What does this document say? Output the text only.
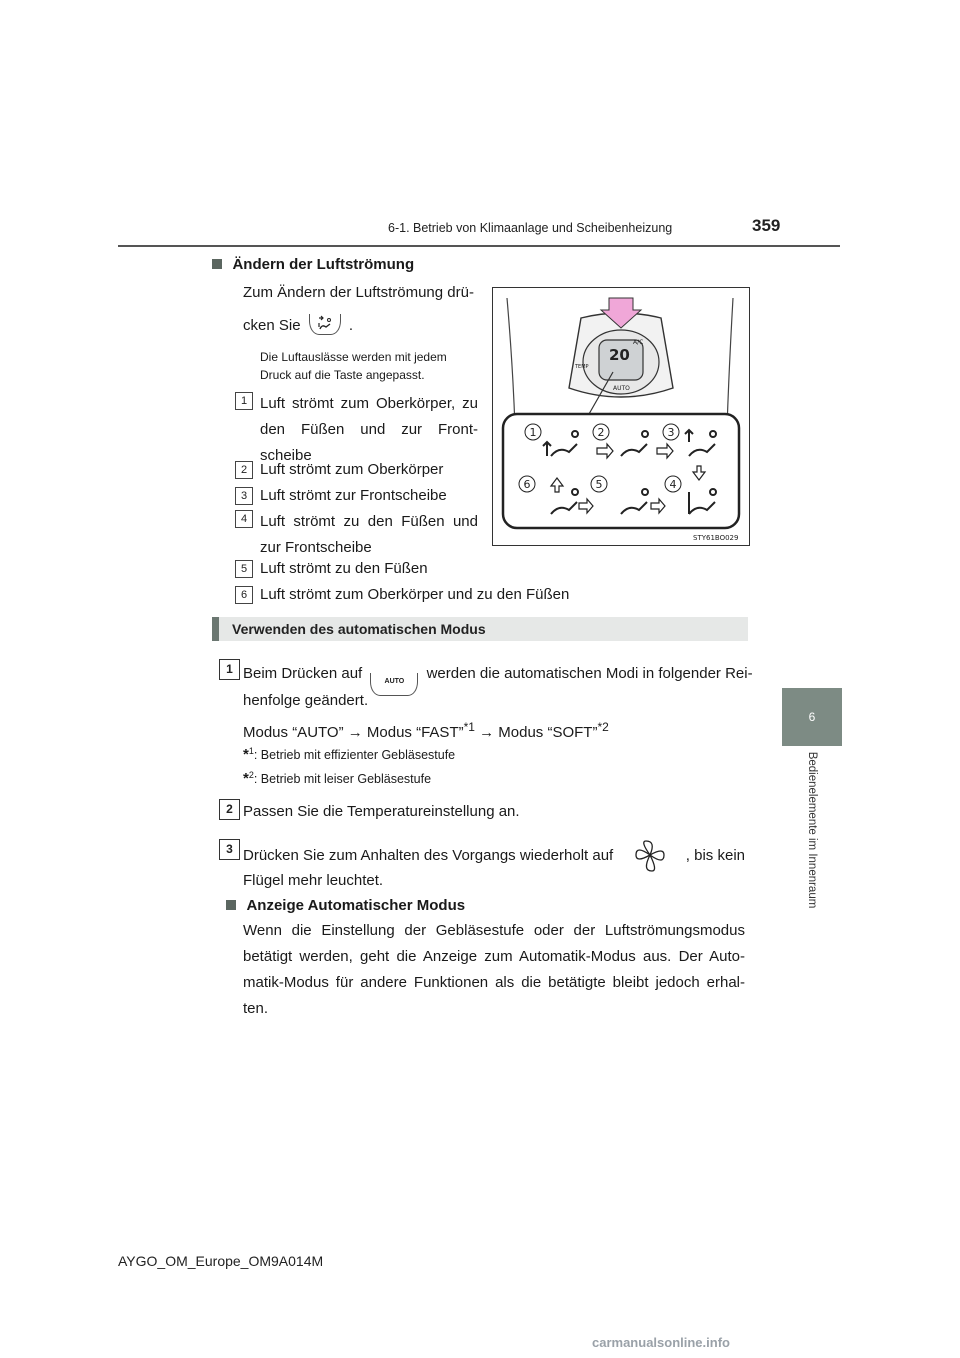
6-1. Betrieb von Klimaanlage und Scheibenheizung	359
6
Bedienelemente im Innenraum
Ändern der Luftströmung
Zum Ändern der Luftströmung drü-
cken Sie	.
Die Luftauslässe werden mit jedem
Druck auf die Taste angepasst.
1 Luft strömt zum Oberkörper, zu
den Füßen und zur Front-
scheibe
2 Luft strömt zum Oberkörper
3 Luft strömt zur Frontscheibe
4 Luft strömt zu den Füßen und
zur Frontscheibe
5 Luft strömt zu den Füßen
6 Luft strömt zum Oberkörper und zu den Füßen
20
A/C
TEMP
AUTO
1	2	3
6	5	4
STY61BO029
Verwenden des automatischen Modus
1 Beim Drücken auf	AUTO werden die automatischen Modi in folgender Rei-
henfolge geändert.
Modus “AUTO” → Modus “FAST”$^{*1}$ → Modus “SOFT”$^{*2}$
*$^1$: Betrieb mit effizienter Gebläsestufe
*$^2$: Betrieb mit leiser Gebläsestufe
2 Passen Sie die Temperatureinstellung an.
3 Drücken Sie zum Anhalten des Vorgangs wiederholt auf	, bis kein
Flügel mehr leuchtet.
Anzeige Automatischer Modus
Wenn die Einstellung der Gebläsestufe oder der Luftströmungsmodus
betätigt werden, geht die Anzeige zum Automatik-Modus aus. Der Auto-
matik-Modus für andere Funktionen als die betätigte bleibt jedoch erhal-
ten.
AYGO_OM_Europe_OM9A014M
carmanualsonline.info
